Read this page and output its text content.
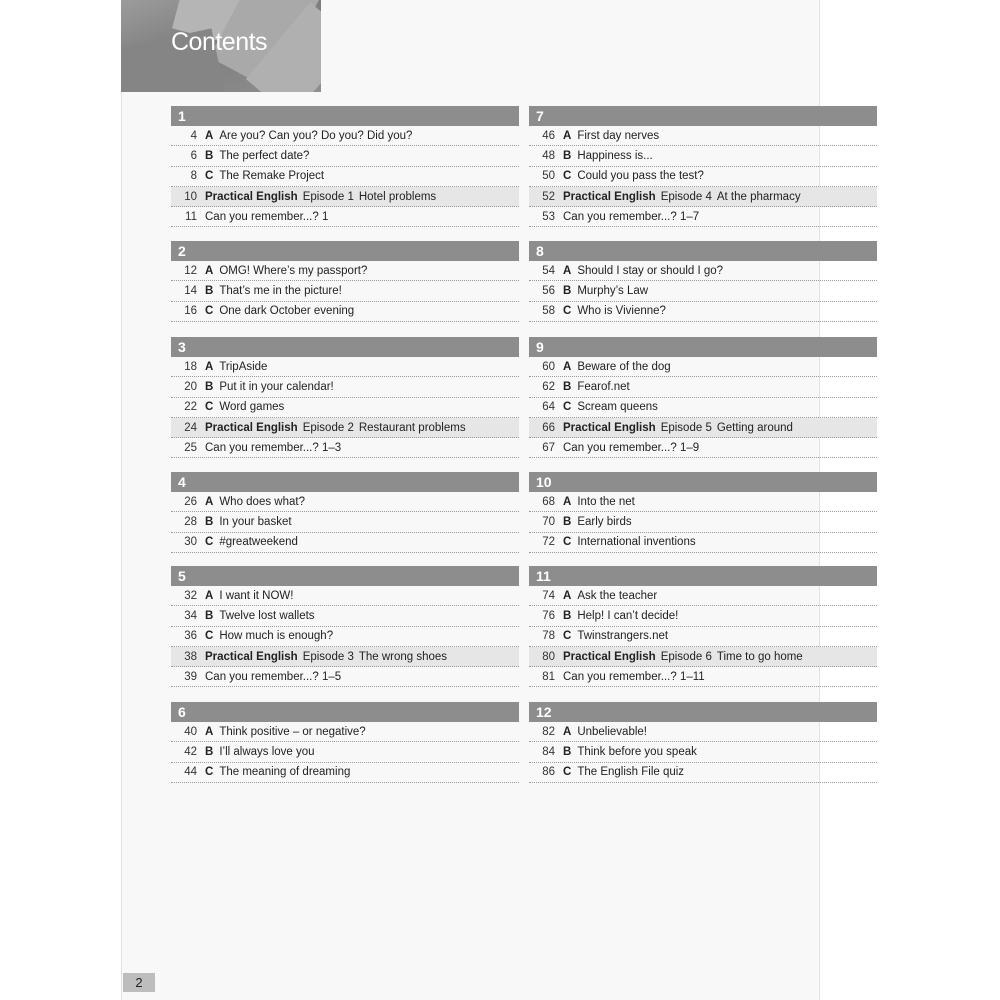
Contents
1
4 A Are you? Can you? Do you? Did you?
6 B The perfect date?
8 C The Remake Project
10 Practical English Episode 1 Hotel problems
11 Can you remember...? 1
2
12 A OMG! Where’s my passport?
14 B That’s me in the picture!
16 C One dark October evening
3
18 A TripAside
20 B Put it in your calendar!
22 C Word games
24 Practical English Episode 2 Restaurant problems
25 Can you remember...? 1–3
4
26 A Who does what?
28 B In your basket
30 C #greatweekend
5
32 A I want it NOW!
34 B Twelve lost wallets
36 C How much is enough?
38 Practical English Episode 3 The wrong shoes
39 Can you remember...? 1–5
6
40 A Think positive – or negative?
42 B I’ll always love you
44 C The meaning of dreaming
7
46 A First day nerves
48 B Happiness is...
50 C Could you pass the test?
52 Practical English Episode 4 At the pharmacy
53 Can you remember...? 1–7
8
54 A Should I stay or should I go?
56 B Murphy’s Law
58 C Who is Vivienne?
9
60 A Beware of the dog
62 B Fearof.net
64 C Scream queens
66 Practical English Episode 5 Getting around
67 Can you remember...? 1–9
10
68 A Into the net
70 B Early birds
72 C International inventions
11
74 A Ask the teacher
76 B Help! I can’t decide!
78 C Twinstrangers.net
80 Practical English Episode 6 Time to go home
81 Can you remember...? 1–11
12
82 A Unbelievable!
84 B Think before you speak
86 C The English File quiz
2
